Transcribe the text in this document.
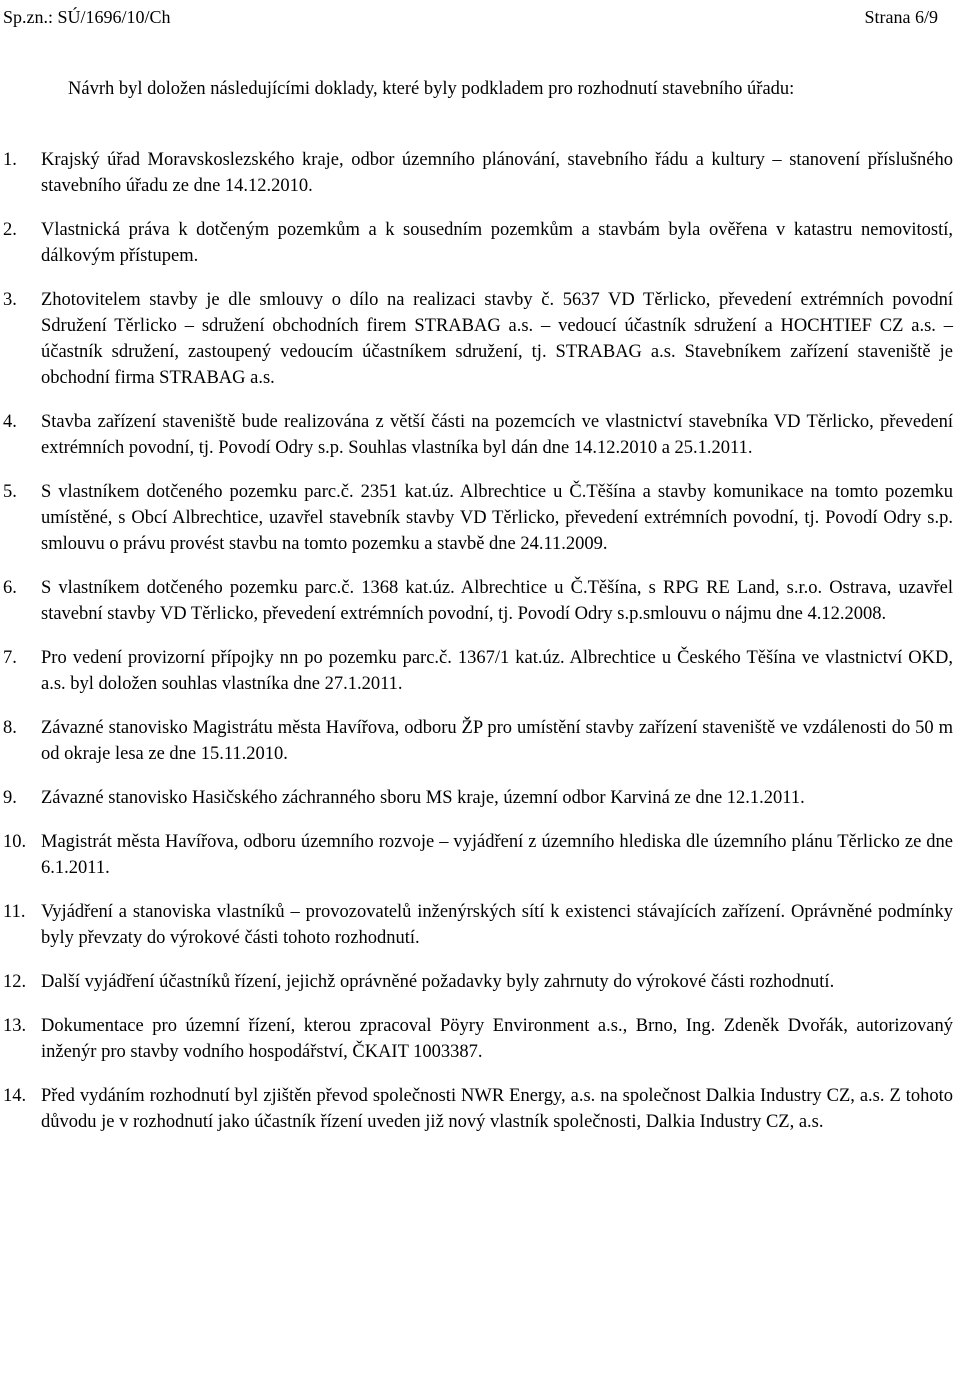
Sp.zn.: SÚ/1696/10/Ch	Strana 6/9
Návrh byl doložen následujícími doklady, které byly podkladem pro rozhodnutí stavebního úřadu:
1. Krajský úřad Moravskoslezského kraje, odbor územního plánování, stavebního řádu a kultury – stanovení příslušného stavebního úřadu ze dne 14.12.2010.
2. Vlastnická práva k dotčeným pozemkům a k sousedním pozemkům a stavbám byla ověřena v katastru nemovitostí, dálkovým přístupem.
3. Zhotovitelem stavby je dle smlouvy o dílo na realizaci stavby č. 5637 VD Těrlicko, převedení extrémních povodní Sdružení Těrlicko – sdružení obchodních firem STRABAG a.s. – vedoucí účastník sdružení a HOCHTIEF CZ a.s. – účastník sdružení, zastoupený vedoucím účastníkem sdružení, tj. STRABAG a.s. Stavebníkem zařízení staveniště je obchodní firma STRABAG a.s.
4. Stavba zařízení staveniště bude realizována z větší části na pozemcích ve vlastnictví stavebníka VD Těrlicko, převedení extrémních povodní, tj. Povodí Odry s.p. Souhlas vlastníka byl dán dne 14.12.2010 a 25.1.2011.
5. S vlastníkem dotčeného pozemku parc.č. 2351 kat.úz. Albrechtice u Č.Těšína a stavby komunikace na tomto pozemku umístěné, s Obcí Albrechtice, uzavřel stavebník stavby VD Těrlicko, převedení extrémních povodní, tj. Povodí Odry s.p. smlouvu o právu provést stavbu na tomto pozemku a stavbě dne 24.11.2009.
6. S vlastníkem dotčeného pozemku parc.č. 1368 kat.úz. Albrechtice u Č.Těšína, s RPG RE Land, s.r.o. Ostrava, uzavřel stavební stavby VD Těrlicko, převedení extrémních povodní, tj. Povodí Odry s.p.smlouvu o nájmu dne 4.12.2008.
7. Pro vedení provizorní přípojky nn po pozemku parc.č. 1367/1 kat.úz. Albrechtice u Českého Těšína ve vlastnictví OKD, a.s. byl doložen souhlas vlastníka dne 27.1.2011.
8. Závazné stanovisko Magistrátu města Havířova, odboru ŽP pro umístění stavby zařízení staveniště ve vzdálenosti do 50 m od okraje lesa ze dne 15.11.2010.
9. Závazné stanovisko Hasičského záchranného sboru MS kraje, územní odbor Karviná ze dne 12.1.2011.
10. Magistrát města Havířova, odboru územního rozvoje – vyjádření z územního hlediska dle územního plánu Těrlicko ze dne 6.1.2011.
11. Vyjádření a stanoviska vlastníků – provozovatelů inženýrských sítí k existenci stávajících zařízení. Oprávněné podmínky byly převzaty do výrokové části tohoto rozhodnutí.
12. Další vyjádření účastníků řízení, jejichž oprávněné požadavky byly zahrnuty do výrokové části rozhodnutí.
13. Dokumentace pro územní řízení, kterou zpracoval Pöyry Environment a.s., Brno, Ing. Zdeněk Dvořák, autorizovaný inženýr pro stavby vodního hospodářství, ČKAIT 1003387.
14. Před vydáním rozhodnutí byl zjištěn převod společnosti NWR Energy, a.s. na společnost Dalkia Industry CZ, a.s. Z tohoto důvodu je v rozhodnutí jako účastník řízení uveden již nový vlastník společnosti, Dalkia Industry CZ, a.s.
